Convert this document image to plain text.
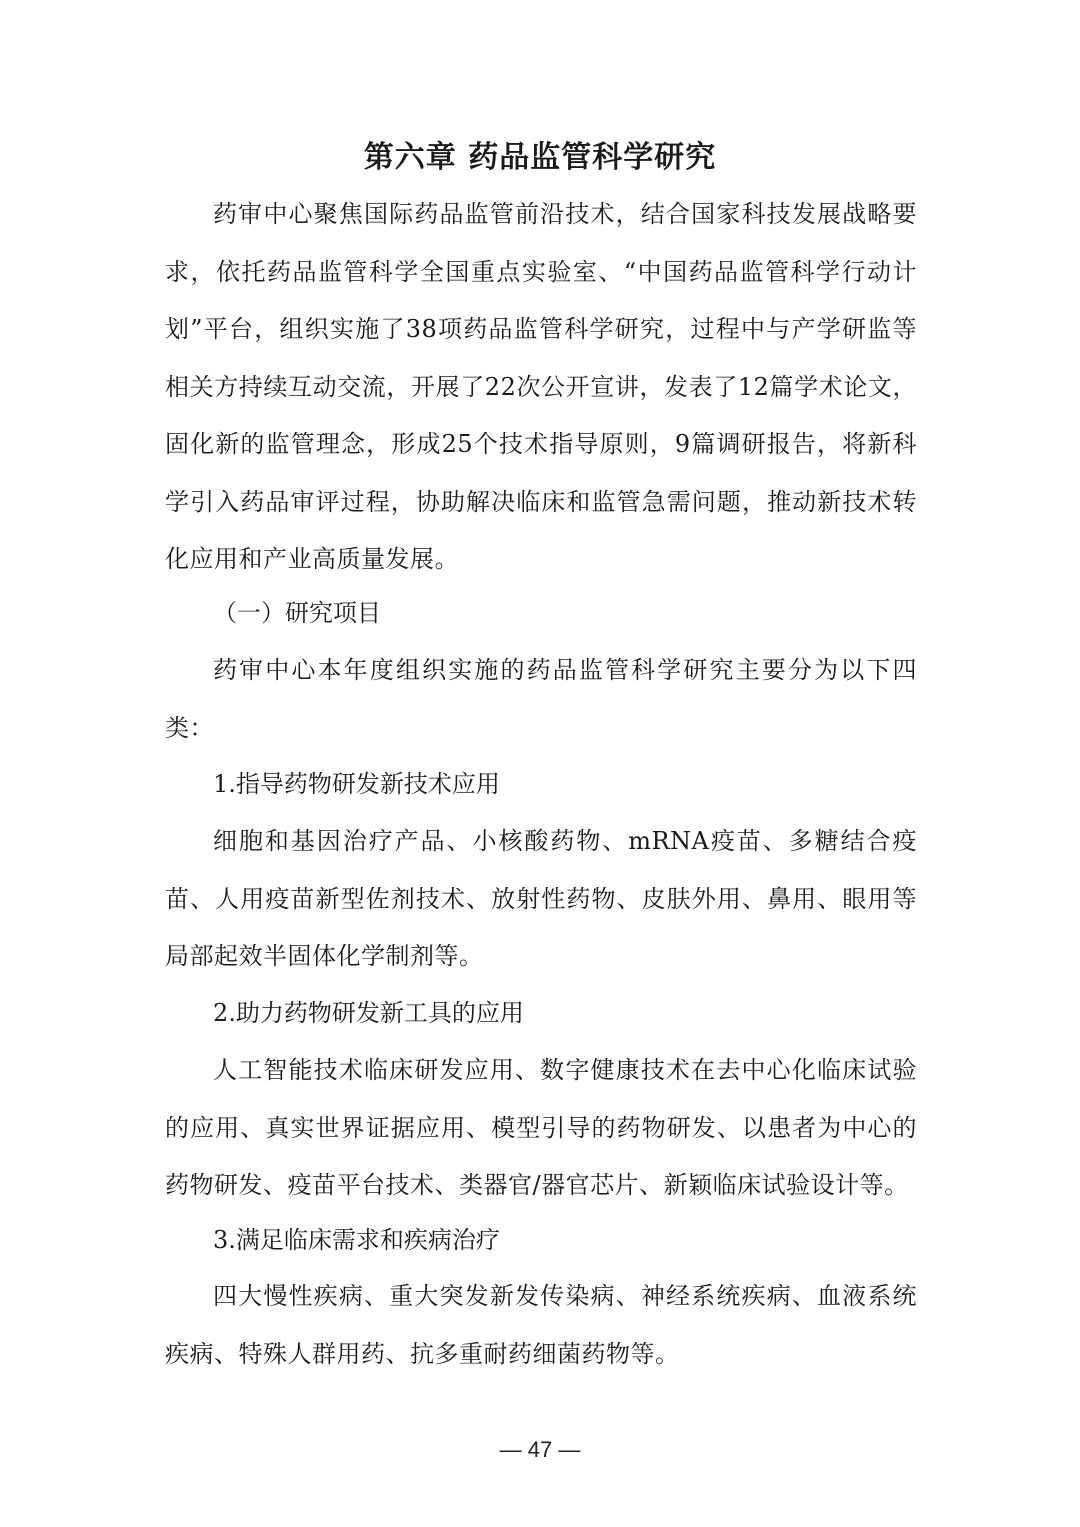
第六章 药品监管科学研究
药审中心聚焦国际药品监管前沿技术，结合国家科技发展战略要求，依托药品监管科学全国重点实验室、“中国药品监管科学行动计划”平台，组织实施了38项药品监管科学研究，过程中与产学研监等相关方持续互动交流，开展了22次公开宣讲，发表了12篇学术论文，固化新的监管理念，形成25个技术指导原则，9篇调研报告，将新科学引入药品审评过程，协助解决临床和监管急需问题，推动新技术转化应用和产业高质量发展。
（一）研究项目
药审中心本年度组织实施的药品监管科学研究主要分为以下四类：
1.指导药物研发新技术应用
细胞和基因治疗产品、小核酸药物、mRNA疫苗、多糖结合疫苗、人用疫苗新型佐剂技术、放射性药物、皮肤外用、鼻用、眼用等局部起效半固体化学制剂等。
2.助力药物研发新工具的应用
人工智能技术临床研发应用、数字健康技术在去中心化临床试验的应用、真实世界证据应用、模型引导的药物研发、以患者为中心的药物研发、疫苗平台技术、类器官/器官芯片、新颖临床试验设计等。
3.满足临床需求和疾病治疗
四大慢性疾病、重大突发新发传染病、神经系统疾病、血液系统疾病、特殊人群用药、抗多重耐药细菌药物等。
— 47 —
